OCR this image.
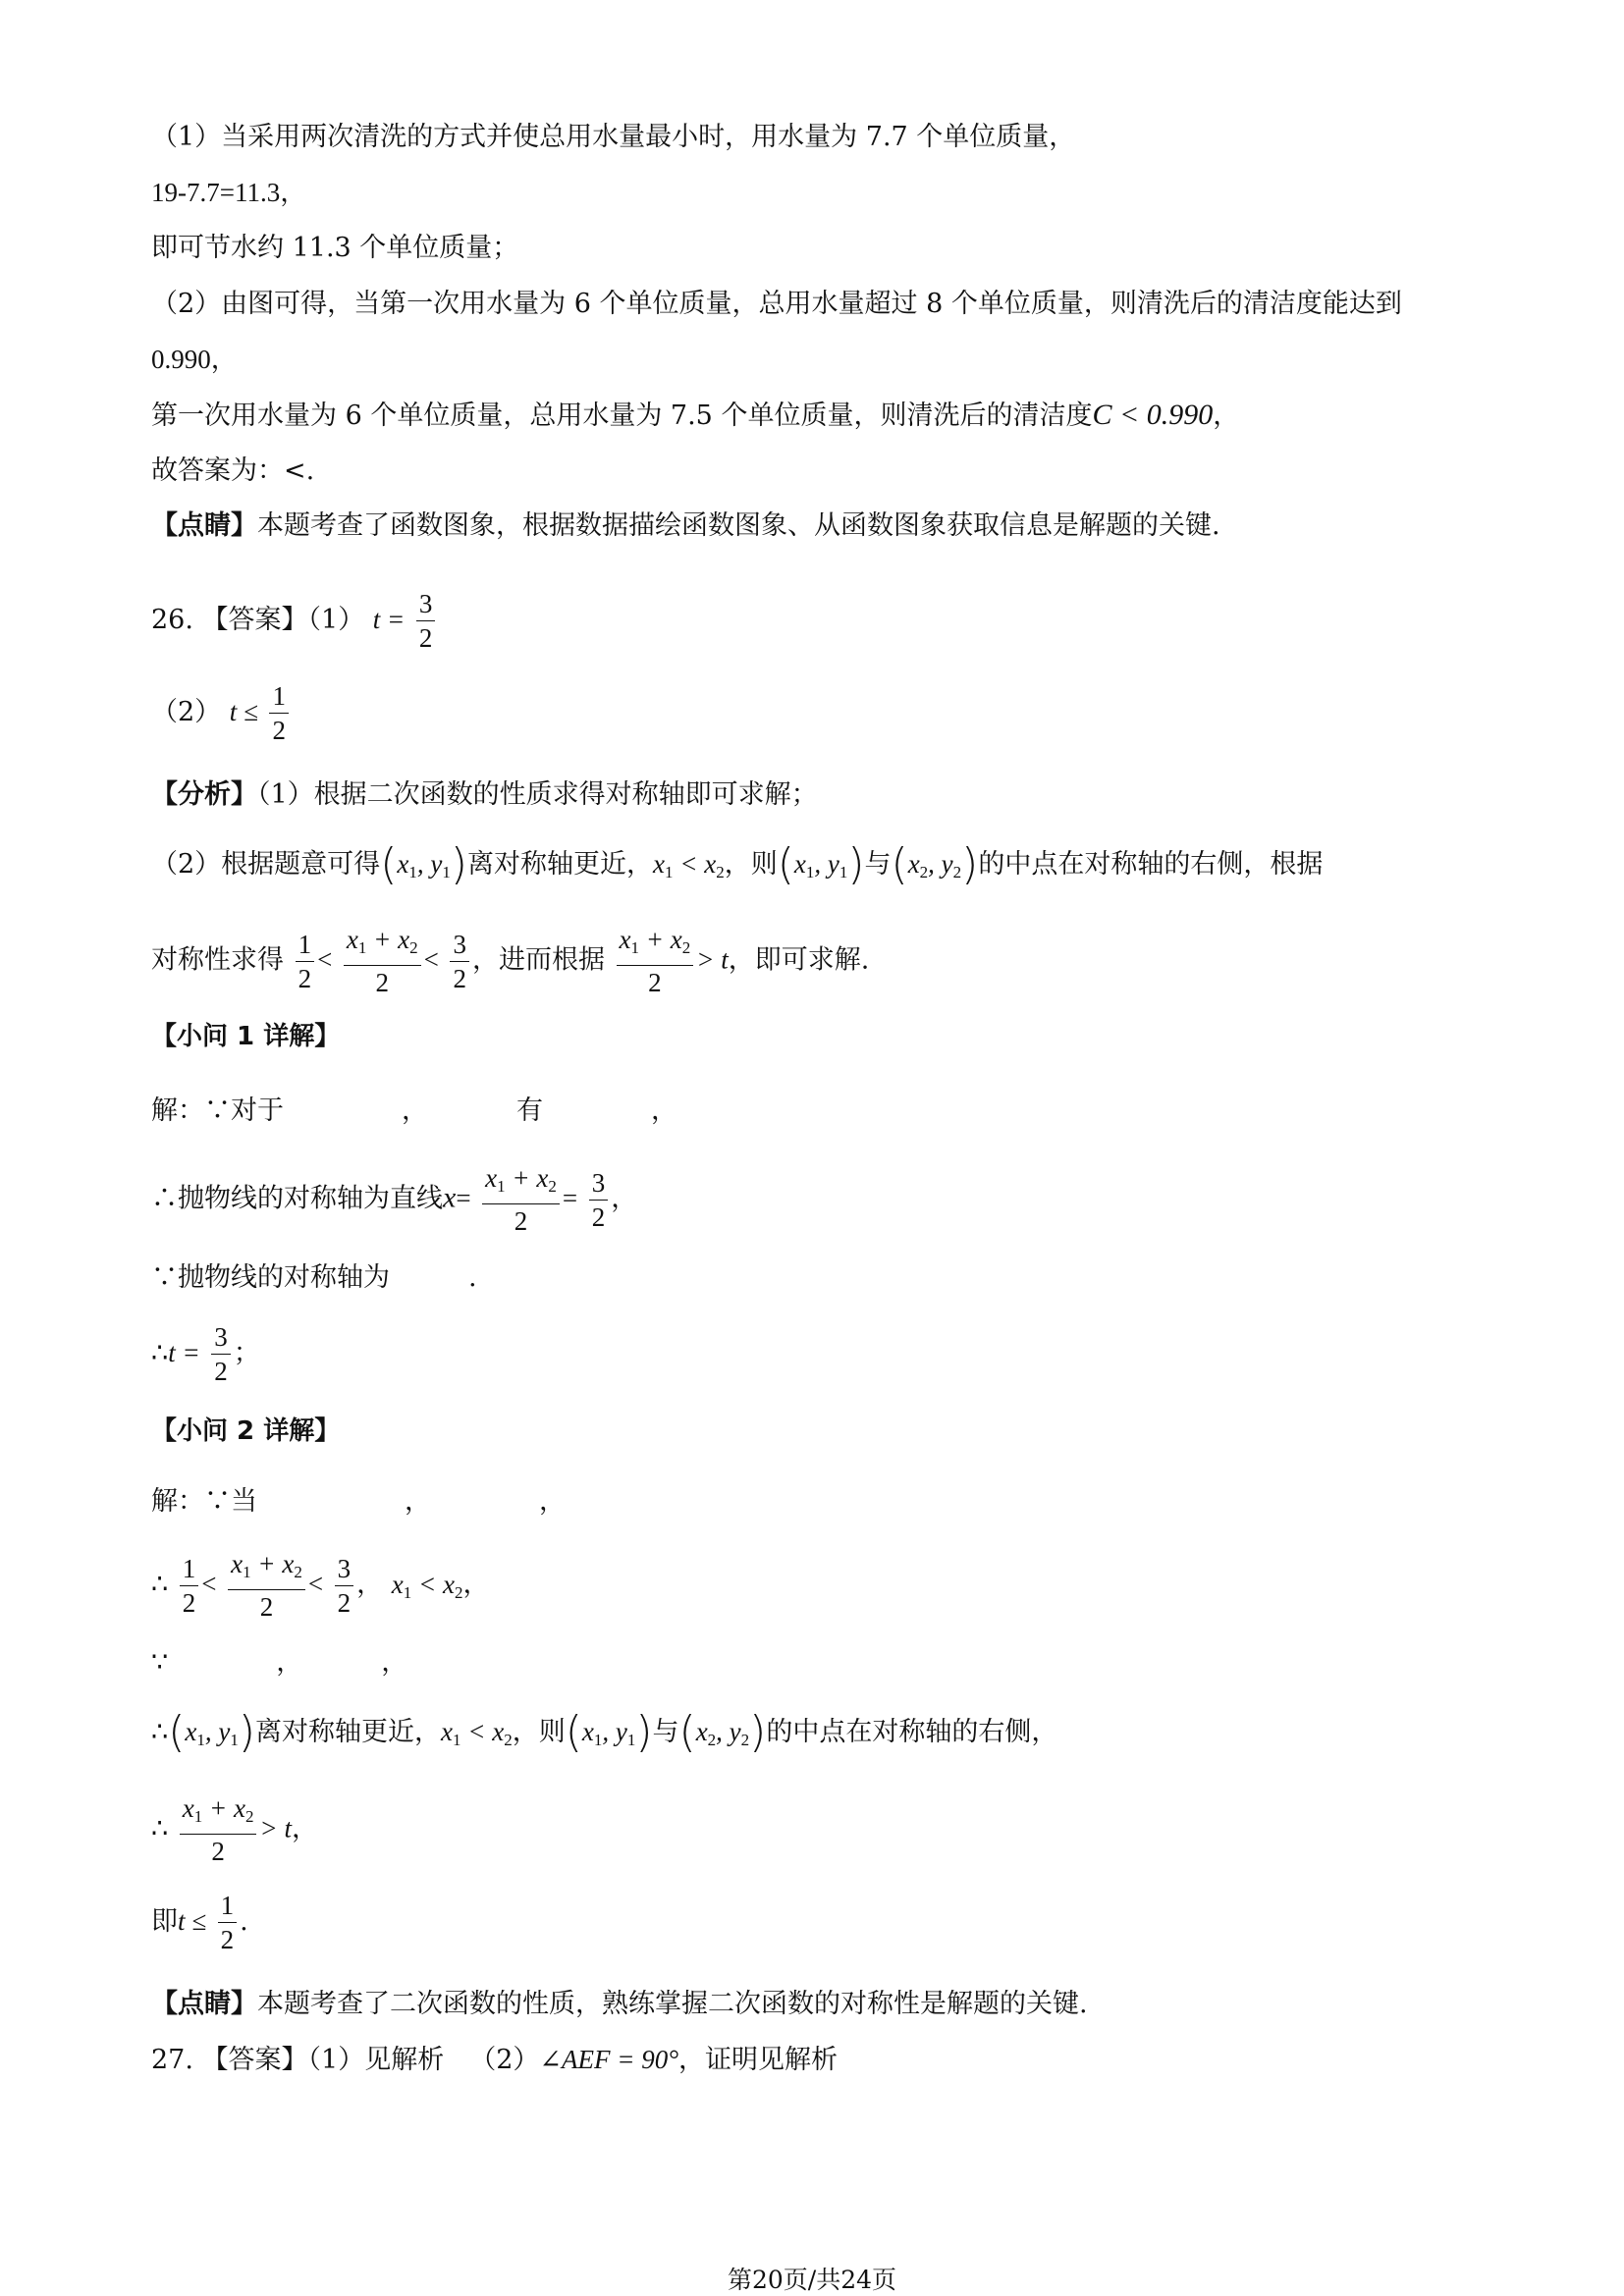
（1）当采用两次清洗的方式并使总用水量最小时，用水量为 7.7 个单位质量，
19-7.7=11.3，
即可节水约 11.3 个单位质量；
（2）由图可得，当第一次用水量为 6 个单位质量，总用水量超过 8 个单位质量，则清洗后的清洁度能达到
0.990，
第一次用水量为 6 个单位质量，总用水量为 7.5 个单位质量，则清洗后的清洁度C < 0.990，
故答案为：<.
【点睛】本题考查了函数图象，根据数据描绘函数图象、从函数图象获取信息是解题的关键.
26. 【答案】（1） $t = \frac{3}{2}$
（2） $t \le \frac{1}{2}$
【分析】（1）根据二次函数的性质求得对称轴即可求解；
（2）根据题意可得($x_1$, $y_1$)离对称轴更近，$x_1 < x_2$，则($x_1$, $y_1$)与($x_2$, $y_2$)的中点在对称轴的右侧，根据
对称性求得 $\frac{1}{2} < \frac{x_1 + x_2}{2} < \frac{3}{2}$ ，进而根据 $\frac{x_1 + x_2}{2} > t$，即可求解.
【小问 1 详解】
解：∵对于	，	有	，
∴抛物线的对称轴为直线$x= \frac{x_1 + x_2}{2} = \frac{3}{2}$ ，
∵抛物线的对称轴为	.
∴t = $\frac{3}{2}$ ；
【小问 2 详解】
解：∵当	，	，
∴ $\frac{1}{2} < \frac{x_1 + x_2}{2} < \frac{3}{2}$ ， $x_1 < x_2$，
∵	，	，
$\therefore(x_1$, $y_1$)离对称轴更近，$x_1 < x_2$，则($x_1$, $y_1$)与($x_2$, $y_2$)的中点在对称轴的右侧，
∴ $\frac{x_1 + x_2}{2} > t$，
即$t \le \frac{1}{2}$ .
【点睛】本题考查了二次函数的性质，熟练掌握二次函数的对称性是解题的关键.
27. 【答案】（1）见解析 （2）∠AEF = 90°，证明见解析
第20页/共24页
